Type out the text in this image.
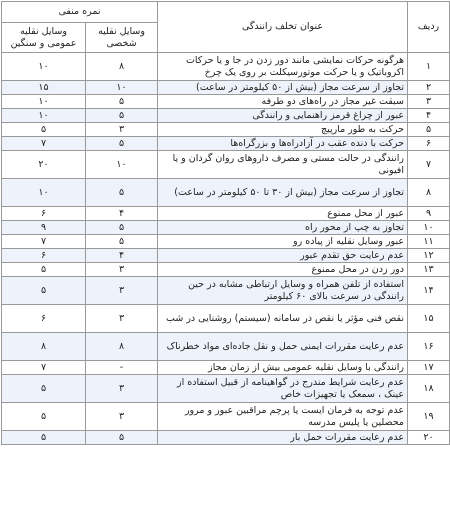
ردیف	عنوان تخلف رانندگی	نمره منفی	
		وسایل نقلیه شخصی	وسایل نقلیه عمومی و سنگین
۱	هرگونه حرکات نمایشی مانند دور زدن در جا و یا حرکات اکروباتیک و یا حرکت موتورسیکلت بر روی یک چرخ	۸	۱۰
۲	تجاوز از سرعت مجاز (بیش از ۵۰ کیلومتر در ساعت)	۱۰	۱۵
۳	سبقت غیر مجاز در راه‌های دو طرفه	۵	۱۰
۴	عبور از چراغ قرمز راهنمایی و رانندگی	۵	۱۰
۵	حرکت به طور مارپیچ	۳	۵
۶	حرکت با دنده عقب در آزادراه‌ها و بزرگراه‌ها	۵	۷
۷	رانندگی در حالت مستی و مصرف داروهای روان گردان و یا افیونی	۱۰	۲۰
۸	تجاوز از سرعت مجاز (بیش از ۳۰ تا ۵۰ کیلومتر در ساعت)	۵	۱۰
۹	عبور از محل ممنوع	۴	۶
۱۰	تجاوز به چپ از محور راه	۵	۹
۱۱	عبور وسایل نقلیه از پیاده رو	۵	۷
۱۲	عدم رعایت حق تقدم عبور	۴	۶
۱۳	دور زدن در محل ممنوع	۳	۵
۱۴	استفاده از تلفن همراه و وسایل ارتباطی مشابه در حین رانندگی در سرعت بالای ۶۰ کیلومتر	۳	۵
۱۵	نقص فنی مؤثر یا نقص در سامانه (سیستم) روشنایی در شب	۳	۶
۱۶	عدم رعایت مقررات ایمنی حمل و نقل جاده‌ای مواد خطرناک	۸	۸
۱۷	رانندگی با وسایل نقلیه عمومی بیش از زمان مجاز	-	۷
۱۸	عدم رعایت شرایط مندرج در گواهینامه از قبیل استفاده از عینک ، سمعک یا تجهیزات خاص	۳	۵
۱۹	عدم توجه به فرمان ایست یا پرچم مراقبین عبور و مرور محصلین یا پلیس مدرسه	۳	۵
۲۰	عدم رعایت مقررات حمل بار	۵	۵
